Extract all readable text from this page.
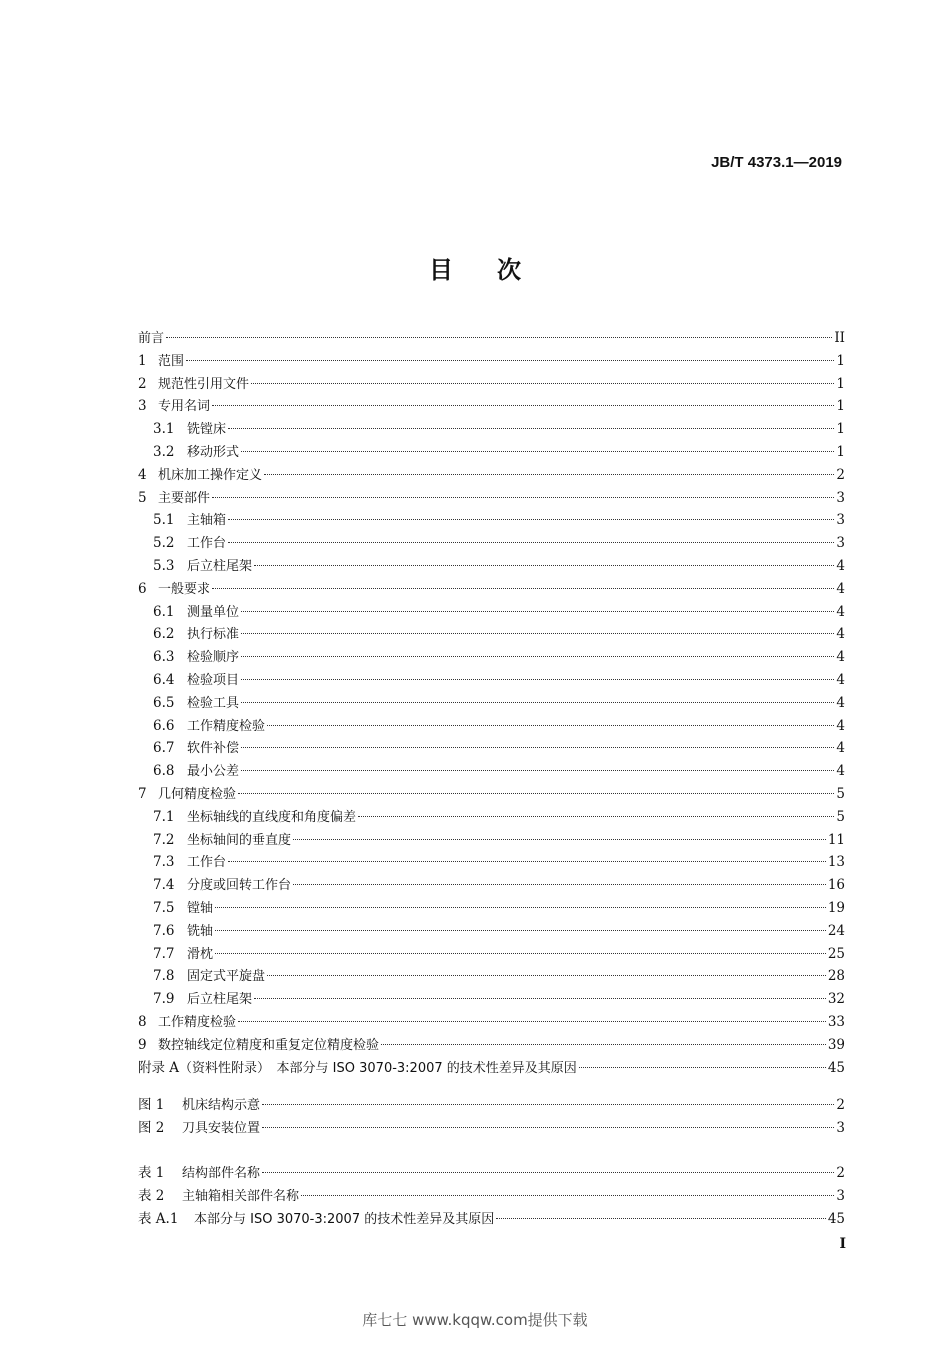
JB/T 4373.1—2019
目次
前言	II
1 范围	1
2 规范性引用文件	1
3 专用名词	1
3.1 铣镗床	1
3.2 移动形式	1
4 机床加工操作定义	2
5 主要部件	3
5.1 主轴箱	3
5.2 工作台	3
5.3 后立柱尾架	4
6 一般要求	4
6.1 测量单位	4
6.2 执行标准	4
6.3 检验顺序	4
6.4 检验项目	4
6.5 检验工具	4
6.6 工作精度检验	4
6.7 软件补偿	4
6.8 最小公差	4
7 几何精度检验	5
7.1 坐标轴线的直线度和角度偏差	5
7.2 坐标轴间的垂直度	11
7.3 工作台	13
7.4 分度或回转工作台	16
7.5 镗轴	19
7.6 铣轴	24
7.7 滑枕	25
7.8 固定式平旋盘	28
7.9 后立柱尾架	32
8 工作精度检验	33
9 数控轴线定位精度和重复定位精度检验	39
附录 A （资料性附录）　本部分与 ISO 3070-3:2007 的技术性差异及其原因	45
图 1	机床结构示意	2
图 2	刀具安装位置	3
表 1	结构部件名称	2
表 2	主轴箱相关部件名称	3
表 A.1	本部分与 ISO 3070-3:2007 的技术性差异及其原因	45
I
库七七 www.kqqw.com提供下载
